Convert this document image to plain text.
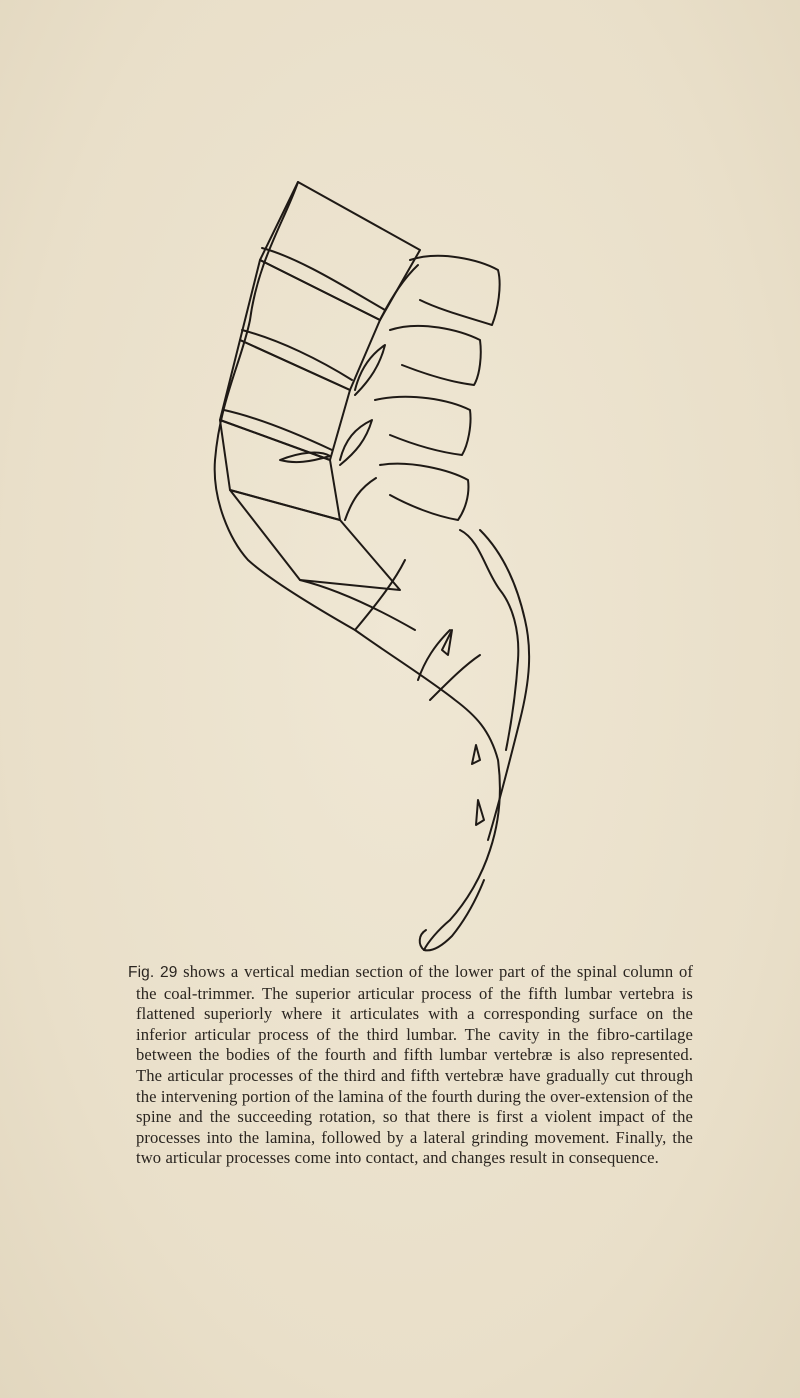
Fig. 29 shows a vertical median section of the lower part of the spinal column of the coal-trimmer. The superior articular process of the fifth lumbar vertebra is flattened superiorly where it articulates with a corresponding surface on the inferior articular process of the third lumbar. The cavity in the fibro-cartilage between the bodies of the fourth and fifth lumbar vertebræ is also represented. The articular processes of the third and fifth vertebræ have gradually cut through the intervening portion of the lamina of the fourth during the over-extension of the spine and the succeeding rotation, so that there is first a violent impact of the processes into the lamina, followed by a lateral grinding movement. Finally, the two articular processes come into contact, and changes result in consequence.
